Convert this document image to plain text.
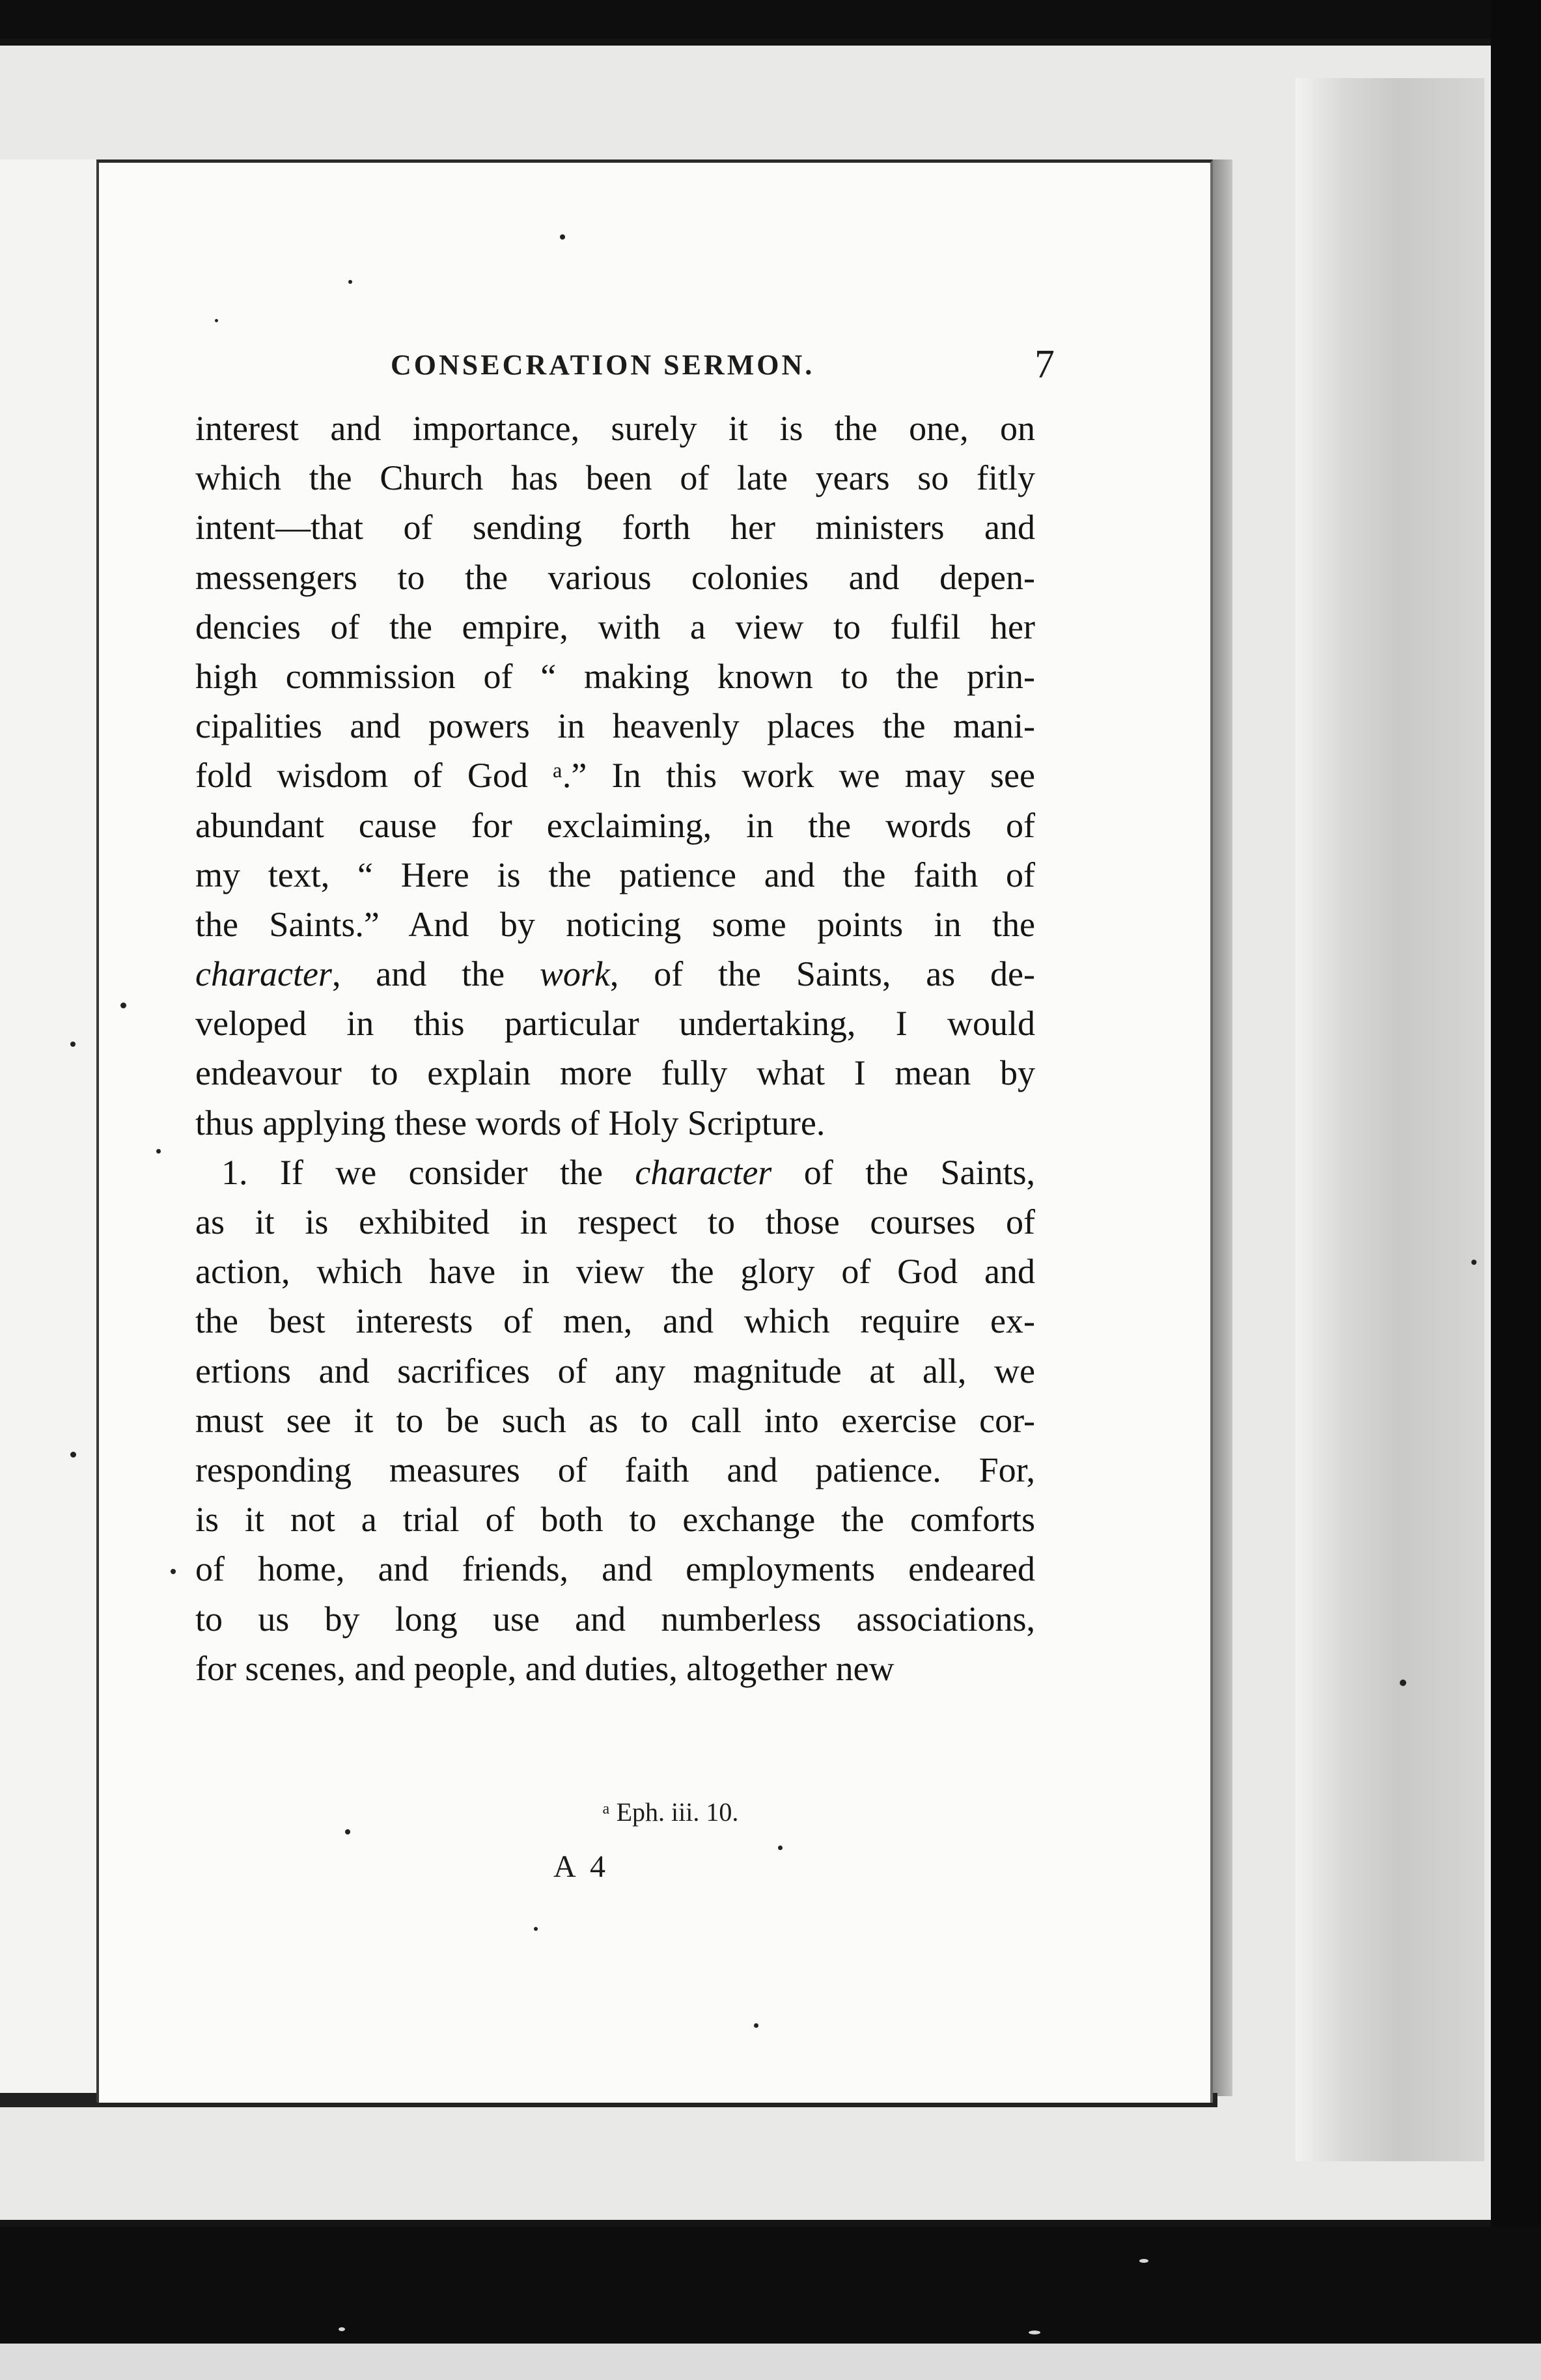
CONSECRATION SERMON.	7
interest and importance, surely it is the one, on
which the Church has been of late years so fitly
intent—that of sending forth her ministers and
messengers to the various colonies and depen-
dencies of the empire, with a view to fulfil her
high commission of “ making known to the prin-
cipalities and powers in heavenly places the mani-
fold wisdom of God ᵃ.” In this work we may see
abundant cause for exclaiming, in the words of
my text, “ Here is the patience and the faith of
the Saints.” And by noticing some points in the
character, and the work, of the Saints, as de-
veloped in this particular undertaking, I would
endeavour to explain more fully what I mean by
thus applying these words of Holy Scripture.
1. If we consider the character of the Saints,
as it is exhibited in respect to those courses of
action, which have in view the glory of God and
the best interests of men, and which require ex-
ertions and sacrifices of any magnitude at all, we
must see it to be such as to call into exercise cor-
responding measures of faith and patience. For,
is it not a trial of both to exchange the comforts
of home, and friends, and employments endeared
to us by long use and numberless associations,
for scenes, and people, and duties, altogether new
ᵃ Eph. iii. 10.
A 4
